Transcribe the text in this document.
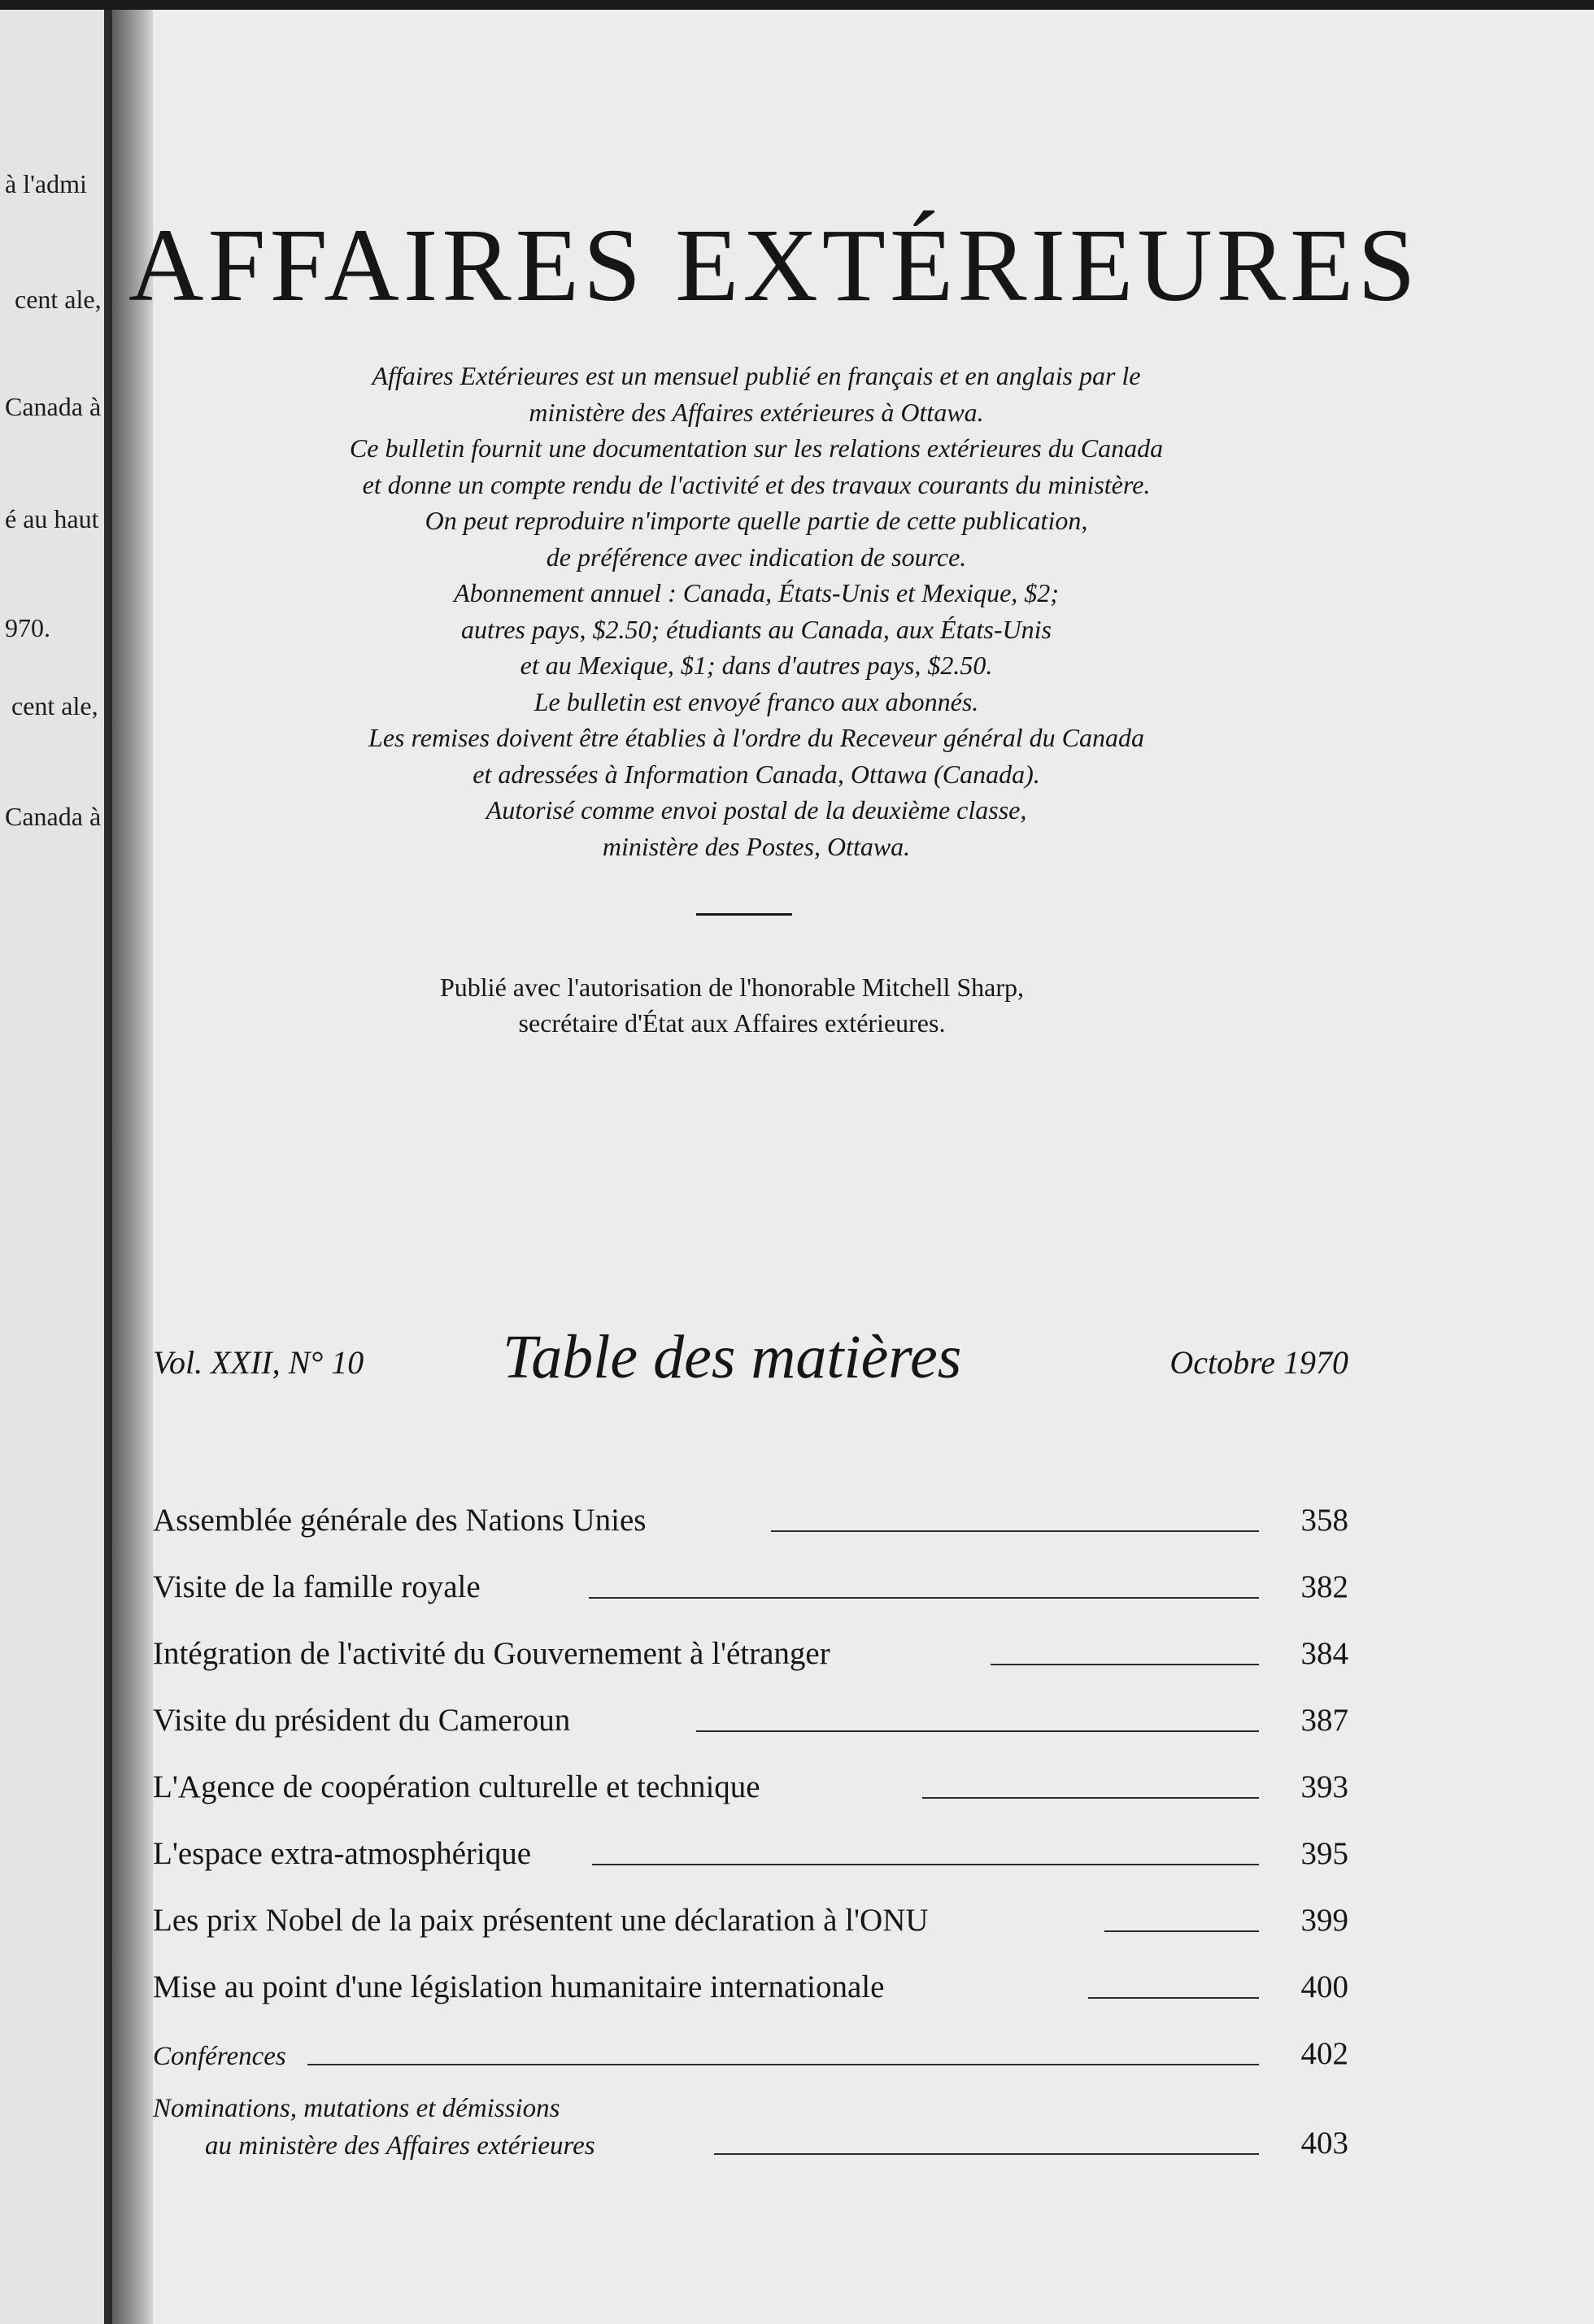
à l'admi
cent ale,
Canada à
é au haut
970.
cent ale,
Canada à
AFFAIRES EXTÉRIEURES

Affaires Extérieures est un mensuel publié en français et en anglais par le

ministère des Affaires extérieures à Ottawa.

Ce bulletin fournit une documentation sur les relations extérieures du Canada

et donne un compte rendu de l'activité et des travaux courants du ministère.

On peut reproduire n'importe quelle partie de cette publication,

de préférence avec indication de source.

Abonnement annuel : Canada, États-Unis et Mexique, $2;

autres pays, $2.50; étudiants au Canada, aux États-Unis

et au Mexique, $1; dans d'autres pays, $2.50.

Le bulletin est envoyé franco aux abonnés.

Les remises doivent être établies à l'ordre du Receveur général du Canada

et adressées à Information Canada, Ottawa (Canada).

Autorisé comme envoi postal de la deuxième classe,

ministère des Postes, Ottawa.

Publié avec l'autorisation de l'honorable Mitchell Sharp,

secrétaire d'État aux Affaires extérieures.

Vol. XXII, N° 10 Table des matières	Octobre 1970
Assemblée générale des Nations Unies	358
Visite de la famille royale	382
Intégration de l'activité du Gouvernement à l'étranger	384
Visite du président du Cameroun	387
L'Agence de coopération culturelle et technique	393
L'espace extra-atmosphérique	395
Les prix Nobel de la paix présentent une déclaration à l'ONU	399
Mise au point d'une législation humanitaire internationale	400
Conférences	402
Nominations, mutations et démissions
au ministère des Affaires extérieures	403
